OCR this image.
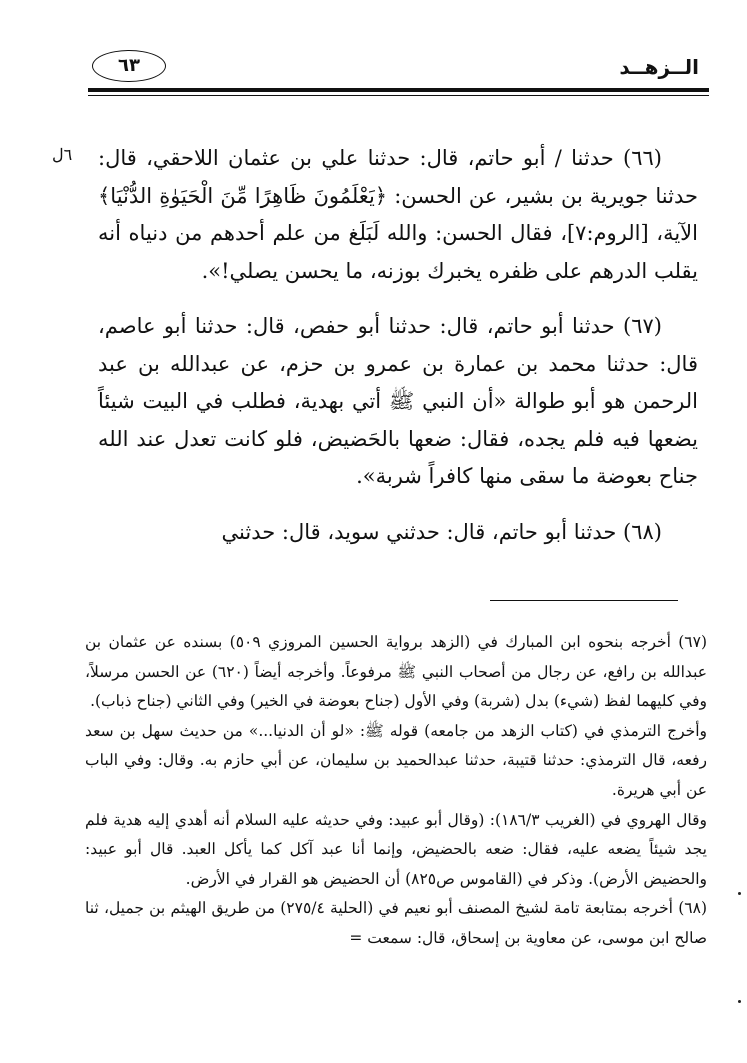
الــزهــد
٦٣
٦ل (٦٦) حدثنا / أبو حاتم، قال: حدثنا علي بن عثمان اللاحقي، قال: حدثنا جويرية بن بشير، عن الحسن: ﴿يَعْلَمُونَ ظَاهِرًا مِّنَ الْحَيَوٰةِ الدُّنْيَا﴾ الآية، [الروم:٧]، فقال الحسن: والله لَبَلَغ من علم أحدهم من دنياه أنه يقلب الدرهم على ظفره يخبرك بوزنه، ما يحسن يصلي!».

(٦٧) حدثنا أبو حاتم، قال: حدثنا أبو حفص، قال: حدثنا أبو عاصم، قال: حدثنا محمد بن عمارة بن عمرو بن حزم، عن عبدالله بن عبد الرحمن هو أبو طوالة «أن النبي ﷺ أتي بهدية، فطلب في البيت شيئاً يضعها فيه فلم يجده، فقال: ضعها بالحَضيض، فلو كانت تعدل عند الله جناح بعوضة ما سقى منها كافراً شربة».

(٦٨) حدثنا أبو حاتم، قال: حدثني سويد، قال: حدثني

(٦٧) أخرجه بنحوه ابن المبارك في (الزهد برواية الحسين المروزي ٥٠٩) بسنده عن عثمان بن عبدالله بن رافع، عن رجال من أصحاب النبي ﷺ مرفوعاً. وأخرجه أيضاً (٦٢٠) عن الحسن مرسلاً، وفي كليهما لفظ (شيء) بدل (شربة) وفي الأول (جناح بعوضة في الخير) وفي الثاني (جناح ذباب).

وأخرج الترمذي في (كتاب الزهد من جامعه) قوله ﷺ: «لو أن الدنيا...» من حديث سهل بن سعد رفعه، قال الترمذي: حدثنا قتيبة، حدثنا عبدالحميد بن سليمان، عن أبي حازم به. وقال: وفي الباب عن أبي هريرة.

وقال الهروي في (الغريب ١٨٦/٣): (وقال أبو عبيد: وفي حديثه عليه السلام أنه أهدي إليه هدية فلم يجد شيئاً يضعه عليه، فقال: ضعه بالحضيض، وإنما أنا عبد آكل كما يأكل العبد. قال أبو عبيد: والحضيض الأرض). وذكر في (القاموس ص٨٢٥) أن الحضيض هو القرار في الأرض.

(٦٨) أخرجه بمتابعة تامة لشيخ المصنف أبو نعيم في (الحلية ٢٧٥/٤) من طريق الهيثم بن جميل، ثنا صالح ابن موسى، عن معاوية بن إسحاق، قال: سمعت =
